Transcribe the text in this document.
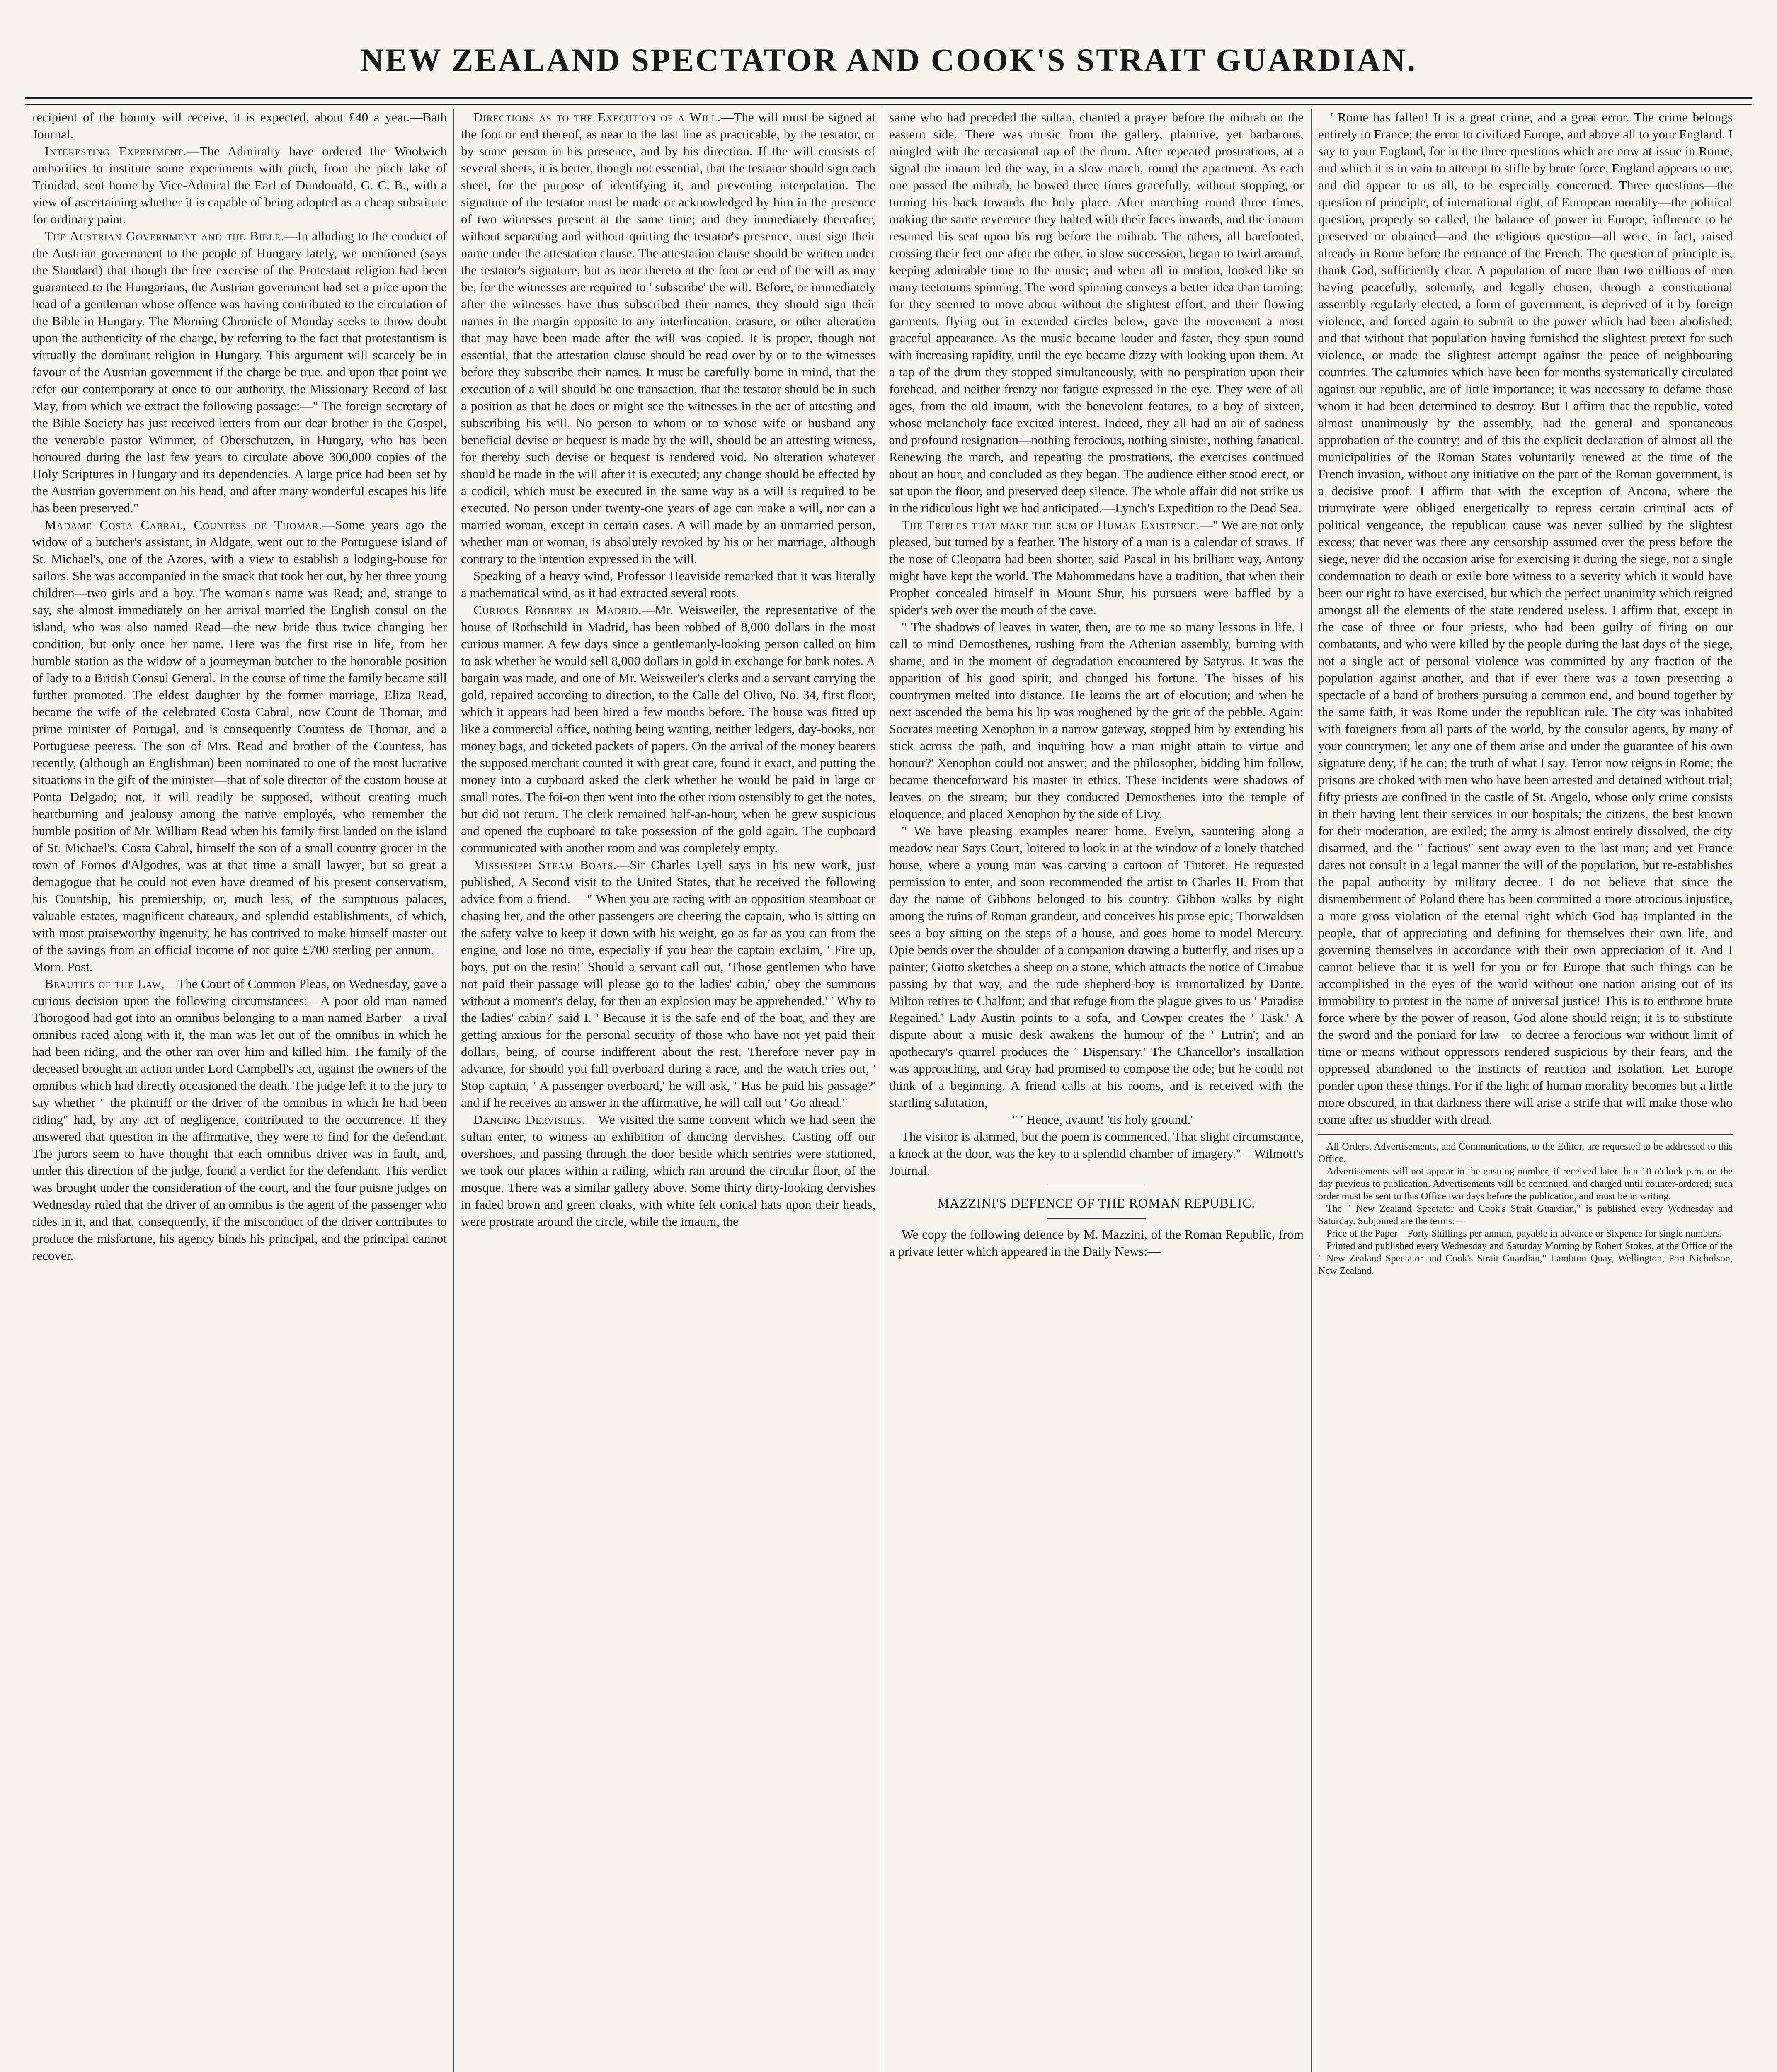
NEW ZEALAND SPECTATOR AND COOK'S STRAIT GUARDIAN.

recipient of the bounty will receive, it is expected, about £40 a year.—Bath Journal.

Interesting Experiment.—The Admiralty have ordered the Woolwich authorities to institute some experiments with pitch, from the pitch lake of Trinidad, sent home by Vice-Admiral the Earl of Dundonald, G. C. B., with a view of ascertaining whether it is capable of being adopted as a cheap substitute for ordinary paint.

The Austrian Government and the Bible.—In alluding to the conduct of the Austrian government to the people of Hungary lately, we mentioned (says the Standard) that though the free exercise of the Protestant religion had been guaranteed to the Hungarians, the Austrian government had set a price upon the head of a gentleman whose offence was having contributed to the circulation of the Bible in Hungary. The Morning Chronicle of Monday seeks to throw doubt upon the authenticity of the charge, by referring to the fact that protestantism is virtually the dominant religion in Hungary. This argument will scarcely be in favour of the Austrian government if the charge be true, and upon that point we refer our contemporary at once to our authority, the Missionary Record of last May, from which we extract the following passage:—" The foreign secretary of the Bible Society has just received letters from our dear brother in the Gospel, the venerable pastor Wimmer, of Oberschutzen, in Hungary, who has been honoured during the last few years to circulate above 300,000 copies of the Holy Scriptures in Hungary and its dependencies. A large price had been set by the Austrian government on his head, and after many wonderful escapes his life has been preserved."

Madame Costa Cabral, Countess de Thomar.—Some years ago the widow of a butcher's assistant, in Aldgate, went out to the Portuguese island of St. Michael's, one of the Azores, with a view to establish a lodging-house for sailors. She was accompanied in the smack that took her out, by her three young children—two girls and a boy. The woman's name was Read; and, strange to say, she almost immediately on her arrival married the English consul on the island, who was also named Read—the new bride thus twice changing her condition, but only once her name. Here was the first rise in life, from her humble station as the widow of a journeyman butcher to the honorable position of lady to a British Consul General. In the course of time the family became still further promoted. The eldest daughter by the former marriage, Eliza Read, became the wife of the celebrated Costa Cabral, now Count de Thomar, and prime minister of Portugal, and is consequently Countess de Thomar, and a Portuguese peeress. The son of Mrs. Read and brother of the Countess, has recently, (although an Englishman) been nominated to one of the most lucrative situations in the gift of the minister—that of sole director of the custom house at Ponta Delgado; not, it will readily be supposed, without creating much heartburning and jealousy among the native employés, who remember the humble position of Mr. William Read when his family first landed on the island of St. Michael's. Costa Cabral, himself the son of a small country grocer in the town of Fornos d'Algodres, was at that time a small lawyer, but so great a demagogue that he could not even have dreamed of his present conservatism, his Countship, his premiership, or, much less, of the sumptuous palaces, valuable estates, magnificent chateaux, and splendid establishments, of which, with most praiseworthy ingenuity, he has contrived to make himself master out of the savings from an official income of not quite £700 sterling per annum.—Morn. Post.

Beauties of the Law,—The Court of Common Pleas, on Wednesday, gave a curious decision upon the following circumstances:—A poor old man named Thorogood had got into an omnibus belonging to a man named Barber—a rival omnibus raced along with it, the man was let out of the omnibus in which he had been riding, and the other ran over him and killed him. The family of the deceased brought an action under Lord Campbell's act, against the owners of the omnibus which had directly occasioned the death. The judge left it to the jury to say whether " the plaintiff or the driver of the omnibus in which he had been riding" had, by any act of negligence, contributed to the occurrence. If they answered that question in the affirmative, they were to find for the defendant. The jurors seem to have thought that each omnibus driver was in fault, and, under this direction of the judge, found a verdict for the defendant. This verdict was brought under the consideration of the court, and the four puisne judges on Wednesday ruled that the driver of an omnibus is the agent of the passenger who rides in it, and that, consequently, if the misconduct of the driver contributes to produce the misfortune, his agency binds his principal, and the principal cannot recover.

Directions as to the Execution of a Will.—The will must be signed at the foot or end thereof, as near to the last line as practicable, by the testator, or by some person in his presence, and by his direction. If the will consists of several sheets, it is better, though not essential, that the testator should sign each sheet, for the purpose of identifying it, and preventing interpolation. The signature of the testator must be made or acknowledged by him in the presence of two witnesses present at the same time; and they immediately thereafter, without separating and without quitting the testator's presence, must sign their name under the attestation clause. The attestation clause should be written under the testator's signature, but as near thereto at the foot or end of the will as may be, for the witnesses are required to ' subscribe' the will. Before, or immediately after the witnesses have thus subscribed their names, they should sign their names in the margin opposite to any interlineation, erasure, or other alteration that may have been made after the will was copied. It is proper, though not essential, that the attestation clause should be read over by or to the witnesses before they subscribe their names. It must be carefully borne in mind, that the execution of a will should be one transaction, that the testator should be in such a position as that he does or might see the witnesses in the act of attesting and subscribing his will. No person to whom or to whose wife or husband any beneficial devise or bequest is made by the will, should be an attesting witness, for thereby such devise or bequest is rendered void. No alteration whatever should be made in the will after it is executed; any change should be effected by a codicil, which must be executed in the same way as a will is required to be executed. No person under twenty-one years of age can make a will, nor can a married woman, except in certain cases. A will made by an unmarried person, whether man or woman, is absolutely revoked by his or her marriage, although contrary to the intention expressed in the will.

Speaking of a heavy wind, Professor Heaviside remarked that it was literally a mathematical wind, as it had extracted several roots.

Curious Robbery in Madrid.—Mr. Weisweiler, the representative of the house of Rothschild in Madrid, has been robbed of 8,000 dollars in the most curious manner. A few days since a gentlemanly-looking person called on him to ask whether he would sell 8,000 dollars in gold in exchange for bank notes. A bargain was made, and one of Mr. Weisweiler's clerks and a servant carrying the gold, repaired according to direction, to the Calle del Olivo, No. 34, first floor, which it appears had been hired a few months before. The house was fitted up like a commercial office, nothing being wanting, neither ledgers, day-books, nor money bags, and ticketed packets of papers. On the arrival of the money bearers the supposed merchant counted it with great care, found it exact, and putting the money into a cupboard asked the clerk whether he would be paid in large or small notes. The foi-on then went into the other room ostensibly to get the notes, but did not return. The clerk remained half-an-hour, when he grew suspicious and opened the cupboard to take possession of the gold again. The cupboard communicated with another room and was completely empty.

Mississippi Steam Boats.—Sir Charles Lyell says in his new work, just published, A Second visit to the United States, that he received the following advice from a friend. —" When you are racing with an opposition steamboat or chasing her, and the other passengers are cheering the captain, who is sitting on the safety valve to keep it down with his weight, go as far as you can from the engine, and lose no time, especially if you hear the captain exclaim, ' Fire up, boys, put on the resin!' Should a servant call out, 'Those gentlemen who have not paid their passage will please go to the ladies' cabin,' obey the summons without a moment's delay, for then an explosion may be apprehended.' ' Why to the ladies' cabin?' said I. ' Because it is the safe end of the boat, and they are getting anxious for the personal security of those who have not yet paid their dollars, being, of course indifferent about the rest. Therefore never pay in advance, for should you fall overboard during a race, and the watch cries out, ' Stop captain, ' A passenger overboard,' he will ask, ' Has he paid his passage?' and if he receives an answer in the affirmative, he will call out ' Go ahead."

Dancing Dervishes.—We visited the same convent which we had seen the sultan enter, to witness an exhibition of dancing dervishes. Casting off our overshoes, and passing through the door beside which sentries were stationed, we took our places within a railing, which ran around the circular floor, of the mosque. There was a similar gallery above. Some thirty dirty-looking dervishes in faded brown and green cloaks, with white felt conical hats upon their heads, were prostrate around the circle, while the imaum, the

same who had preceded the sultan, chanted a prayer before the mihrab on the eastern side. There was music from the gallery, plaintive, yet barbarous, mingled with the occasional tap of the drum. After repeated prostrations, at a signal the imaum led the way, in a slow march, round the apartment. As each one passed the mihrab, he bowed three times gracefully, without stopping, or turning his back towards the holy place. After marching round three times, making the same reverence they halted with their faces inwards, and the imaum resumed his seat upon his rug before the mihrab. The others, all barefooted, crossing their feet one after the other, in slow succession, began to twirl around, keeping admirable time to the music; and when all in motion, looked like so many teetotums spinning. The word spinning conveys a better idea than turning; for they seemed to move about without the slightest effort, and their flowing garments, flying out in extended circles below, gave the movement a most graceful appearance. As the music became louder and faster, they spun round with increasing rapidity, until the eye became dizzy with looking upon them. At a tap of the drum they stopped simultaneously, with no perspiration upon their forehead, and neither frenzy nor fatigue expressed in the eye. They were of all ages, from the old imaum, with the benevolent features, to a boy of sixteen, whose melancholy face excited interest. Indeed, they all had an air of sadness and profound resignation—nothing ferocious, nothing sinister, nothing fanatical. Renewing the march, and repeating the prostrations, the exercises continued about an hour, and concluded as they began. The audience either stood erect, or sat upon the floor, and preserved deep silence. The whole affair did not strike us in the ridiculous light we had anticipated.—Lynch's Expedition to the Dead Sea.

The Trifles that make the sum of Human Existence.—" We are not only pleased, but turned by a feather. The history of a man is a calendar of straws. If the nose of Cleopatra had been shorter, said Pascal in his brilliant way, Antony might have kept the world. The Mahommedans have a tradition, that when their Prophet concealed himself in Mount Shur, his pursuers were baffled by a spider's web over the mouth of the cave.

" The shadows of leaves in water, then, are to me so many lessons in life. I call to mind Demosthenes, rushing from the Athenian assembly, burning with shame, and in the moment of degradation encountered by Satyrus. It was the apparition of his good spirit, and changed his fortune. The hisses of his countrymen melted into distance. He learns the art of elocution; and when he next ascended the bema his lip was roughened by the grit of the pebble. Again: Socrates meeting Xenophon in a narrow gateway, stopped him by extending his stick across the path, and inquiring how a man might attain to virtue and honour?' Xenophon could not answer; and the philosopher, bidding him follow, became thenceforward his master in ethics. These incidents were shadows of leaves on the stream; but they conducted Demosthenes into the temple of eloquence, and placed Xenophon by the side of Livy.

" We have pleasing examples nearer home. Evelyn, sauntering along a meadow near Says Court, loitered to look in at the window of a lonely thatched house, where a young man was carving a cartoon of Tintoret. He requested permission to enter, and soon recommended the artist to Charles II. From that day the name of Gibbons belonged to his country. Gibbon walks by night among the ruins of Roman grandeur, and conceives his prose epic; Thorwaldsen sees a boy sitting on the steps of a house, and goes home to model Mercury. Opie bends over the shoulder of a companion drawing a butterfly, and rises up a painter; Giotto sketches a sheep on a stone, which attracts the notice of Cimabue passing by that way, and the rude shepherd-boy is immortalized by Dante. Milton retires to Chalfont; and that refuge from the plague gives to us ' Paradise Regained.' Lady Austin points to a sofa, and Cowper creates the ' Task.' A dispute about a music desk awakens the humour of the ' Lutrin'; and an apothecary's quarrel produces the ' Dispensary.' The Chancellor's installation was approaching, and Gray had promised to compose the ode; but he could not think of a beginning. A friend calls at his rooms, and is received with the startling salutation,

" ' Hence, avaunt! 'tis holy ground.'

The visitor is alarmed, but the poem is commenced. That slight circumstance, a knock at the door, was the key to a splendid chamber of imagery."—Wilmott's Journal.

MAZZINI'S DEFENCE OF THE ROMAN REPUBLIC.

We copy the following defence by M. Mazzini, of the Roman Republic, from a private letter which appeared in the Daily News:—

' Rome has fallen! It is a great crime, and a great error. The crime belongs entirely to France; the error to civilized Europe, and above all to your England. I say to your England, for in the three questions which are now at issue in Rome, and which it is in vain to attempt to stifle by brute force, England appears to me, and did appear to us all, to be especially concerned. Three questions—the question of principle, of international right, of European morality—the political question, properly so called, the balance of power in Europe, influence to be preserved or obtained—and the religious question—all were, in fact, raised already in Rome before the entrance of the French. The question of principle is, thank God, sufficiently clear. A population of more than two millions of men having peacefully, solemnly, and legally chosen, through a constitutional assembly regularly elected, a form of government, is deprived of it by foreign violence, and forced again to submit to the power which had been abolished; and that without that population having furnished the slightest pretext for such violence, or made the slightest attempt against the peace of neighbouring countries. The calumnies which have been for months systematically circulated against our republic, are of little importance; it was necessary to defame those whom it had been determined to destroy. But I affirm that the republic, voted almost unanimously by the assembly, had the general and spontaneous approbation of the country; and of this the explicit declaration of almost all the municipalities of the Roman States voluntarily renewed at the time of the French invasion, without any initiative on the part of the Roman government, is a decisive proof. I affirm that with the exception of Ancona, where the triumvirate were obliged energetically to repress certain criminal acts of political vengeance, the republican cause was never sullied by the slightest excess; that never was there any censorship assumed over the press before the siege, never did the occasion arise for exercising it during the siege, not a single condemnation to death or exile bore witness to a severity which it would have been our right to have exercised, but which the perfect unanimity which reigned amongst all the elements of the state rendered useless. I affirm that, except in the case of three or four priests, who had been guilty of firing on our combatants, and who were killed by the people during the last days of the siege, not a single act of personal violence was committed by any fraction of the population against another, and that if ever there was a town presenting a spectacle of a band of brothers pursuing a common end, and bound together by the same faith, it was Rome under the republican rule. The city was inhabited with foreigners from all parts of the world, by the consular agents, by many of your countrymen; let any one of them arise and under the guarantee of his own signature deny, if he can; the truth of what I say. Terror now reigns in Rome; the prisons are choked with men who have been arrested and detained without trial; fifty priests are confined in the castle of St. Angelo, whose only crime consists in their having lent their services in our hospitals; the citizens, the best known for their moderation, are exiled; the army is almost entirely dissolved, the city disarmed, and the " factious" sent away even to the last man; and yet France dares not consult in a legal manner the will of the population, but re-establishes the papal authority by military decree. I do not believe that since the dismemberment of Poland there has been committed a more atrocious injustice, a more gross violation of the eternal right which God has implanted in the people, that of appreciating and defining for themselves their own life, and governing themselves in accordance with their own appreciation of it. And I cannot believe that it is well for you or for Europe that such things can be accomplished in the eyes of the world without one nation arising out of its immobility to protest in the name of universal justice! This is to enthrone brute force where by the power of reason, God alone should reign; it is to substitute the sword and the poniard for law—to decree a ferocious war without limit of time or means without oppressors rendered suspicious by their fears, and the oppressed abandoned to the instincts of reaction and isolation. Let Europe ponder upon these things. For if the light of human morality becomes but a little more obscured, in that darkness there will arise a strife that will make those who come after us shudder with dread.

All Orders, Advertisements, and Communications, to the Editor, are requested to be addressed to this Office.

Advertisements will not appear in the ensuing number, if received later than 10 o'clock p.m. on the day previous to publication. Advertisements will be continued, and charged until counter-ordered; such order must be sent to this Office two days before the publication, and must be in writing.

The " New Zealand Spectator and Cook's Strait Guardian," is published every Wednesday and Saturday. Subjoined are the terms:—

Price of the Paper—Forty Shillings per annum, payable in advance or Sixpence for single numbers.

Printed and published every Wednesday and Saturday Morning by Robert Stokes, at the Office of the " New Zealand Spectator and Cook's Strait Guardian," Lambton Quay, Wellington, Port Nicholson, New Zealand.
